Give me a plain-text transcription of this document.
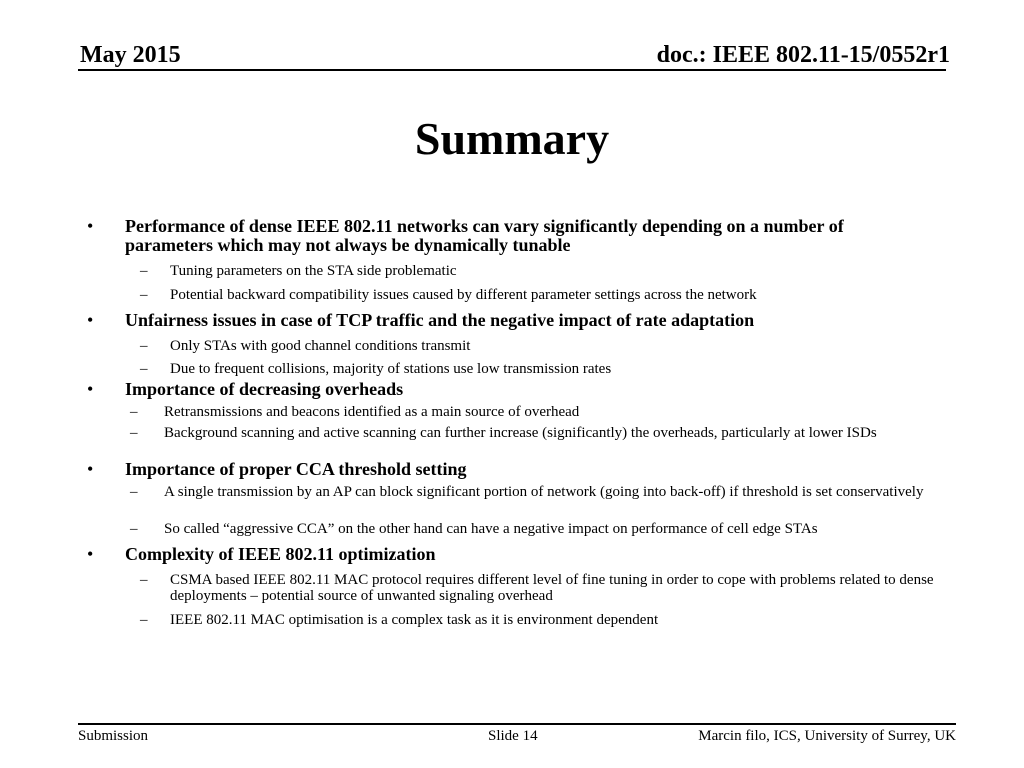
May 2015	doc.: IEEE 802.11-15/0552r1
Summary
• Performance of dense IEEE 802.11 networks can vary significantly depending on a number of parameters which may not always be dynamically tunable
– Tuning parameters on the STA side problematic
– Potential backward compatibility issues caused by different parameter settings across the network
• Unfairness issues in case of TCP traffic and the negative impact of rate adaptation
– Only STAs with good channel conditions transmit
– Due to frequent collisions, majority of stations use low transmission rates
• Importance of decreasing overheads
– Retransmissions and beacons identified as a main source of overhead
– Background scanning and active scanning can further increase (significantly) the overheads, particularly at lower ISDs
• Importance of proper CCA threshold setting
– A single transmission by an AP can block significant portion of network (going into back-off) if threshold is set conservatively
– So called “aggressive CCA” on the other hand can have a negative impact on performance of cell edge STAs
• Complexity of IEEE 802.11 optimization
– CSMA based IEEE 802.11 MAC protocol requires different level of fine tuning in order to cope with problems related to dense deployments – potential source of unwanted signaling overhead
– IEEE 802.11 MAC optimisation is a complex task as it is environment dependent
Submission	Slide 14	Marcin filo, ICS, University of Surrey, UK
